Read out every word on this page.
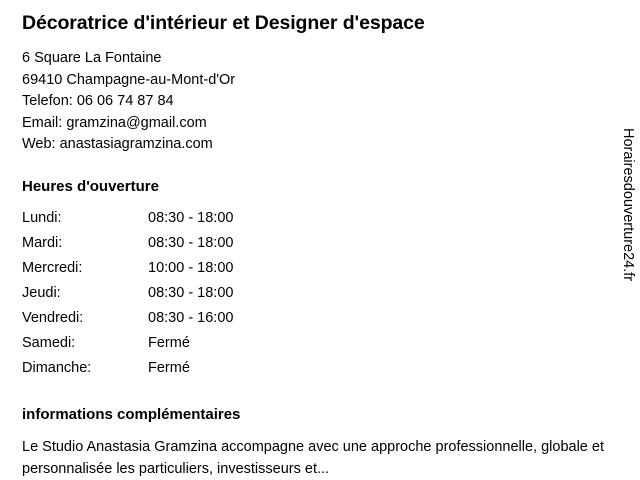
Décoratrice d'intérieur et Designer d'espace
6 Square La Fontaine
69410 Champagne-au-Mont-d'Or
Telefon: 06 06 74 87 84
Email: gramzina@gmail.com
Web: anastasiagramzina.com
Heures d'ouverture
Lundi:	08:30 - 18:00
Mardi:	08:30 - 18:00
Mercredi:	10:00 - 18:00
Jeudi:	08:30 - 18:00
Vendredi:	08:30 - 16:00
Samedi:	Fermé
Dimanche:	Fermé
informations complémentaires
Le Studio Anastasia Gramzina accompagne avec une approche professionnelle, globale et personnalisée les particuliers, investisseurs et...
Horairesdouverture24.fr
